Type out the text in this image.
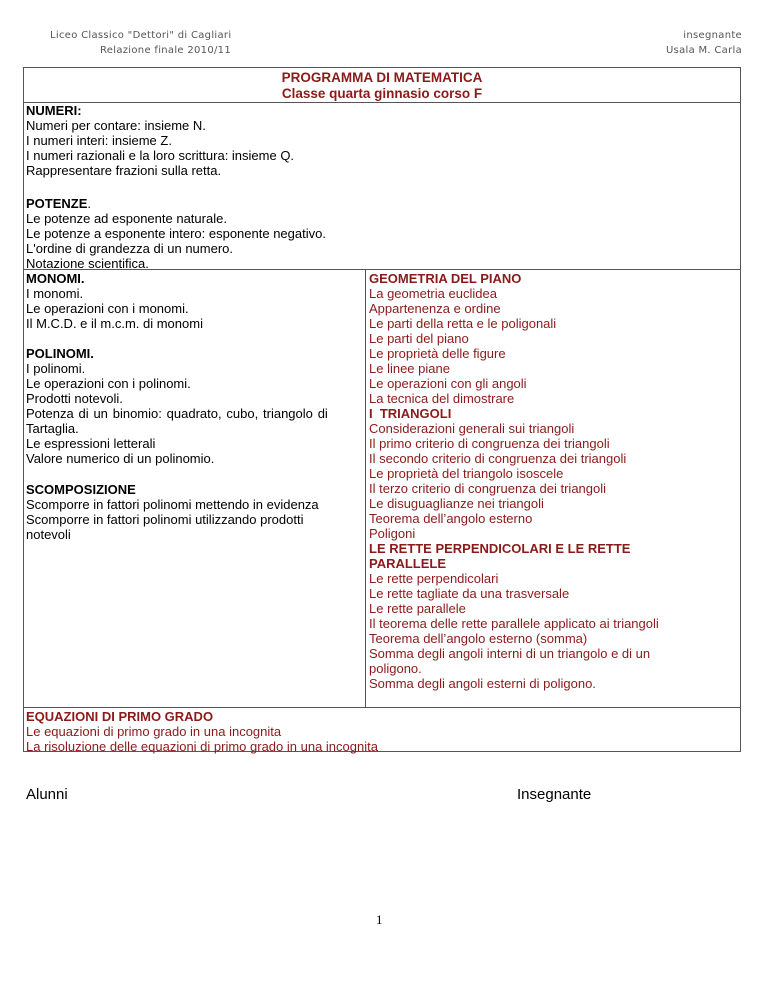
Liceo Classico "Dettori" di Cagliari
Relazione finale 2010/11
insegnante
Usala M. Carla
PROGRAMMA DI MATEMATICA
Classe quarta ginnasio corso F
NUMERI:
Numeri per contare: insieme N.
I numeri interi: insieme Z.
I numeri razionali e la loro scrittura: insieme Q.
Rappresentare frazioni sulla retta.
POTENZE.
Le potenze ad esponente naturale.
Le potenze a esponente intero: esponente negativo.
L'ordine di grandezza di un numero.
Notazione scientifica.
MONOMI.
I monomi.
Le operazioni con i monomi.
Il M.C.D. e il m.c.m. di monomi
POLINOMI.
I polinomi.
Le operazioni con i polinomi.
Prodotti notevoli.
Potenza di un binomio: quadrato, cubo, triangolo di
Tartaglia.
Le espressioni letterali
Valore numerico di un polinomio.
SCOMPOSIZIONE
Scomporre in fattori polinomi mettendo in evidenza
Scomporre in fattori polinomi utilizzando prodotti
notevoli
GEOMETRIA DEL PIANO
La geometria euclidea
Appartenenza e ordine
Le parti della retta e le poligonali
Le parti del piano
Le proprietà delle figure
Le linee piane
Le operazioni con gli angoli
La tecnica del dimostrare
I  TRIANGOLI
Considerazioni generali sui triangoli
Il primo criterio di congruenza dei triangoli
Il secondo criterio di congruenza dei triangoli
Le proprietà del triangolo isoscele
Il terzo criterio di congruenza dei triangoli
Le disuguaglianze nei triangoli
Teorema dell’angolo esterno
Poligoni
LE RETTE PERPENDICOLARI E LE RETTE
PARALLELE
Le rette perpendicolari
Le rette tagliate da una trasversale
Le rette parallele
Il teorema delle rette parallele applicato ai triangoli
Teorema dell’angolo esterno (somma)
Somma degli angoli interni di un triangolo e di un
poligono.
Somma degli angoli esterni di poligono.
EQUAZIONI DI PRIMO GRADO
Le equazioni di primo grado in una incognita
La risoluzione delle equazioni di primo grado in una incognita
Alunni	Insegnante
1
